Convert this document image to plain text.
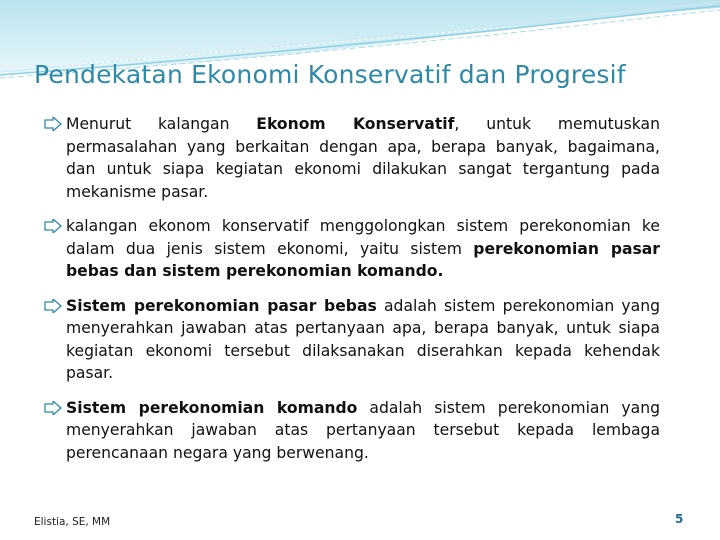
Pendekatan Ekonomi Konservatif dan Progresif
Menurut kalangan Ekonom Konservatif, untuk memutuskan permasalahan yang berkaitan dengan apa, berapa banyak, bagaimana, dan untuk siapa kegiatan ekonomi dilakukan sangat tergantung pada mekanisme pasar.
kalangan ekonom konservatif menggolongkan sistem perekonomian ke dalam dua jenis sistem ekonomi, yaitu sistem perekonomian pasar bebas dan sistem perekonomian komando.
Sistem perekonomian pasar bebas adalah sistem perekonomian yang menyerahkan jawaban atas pertanyaan apa, berapa banyak, untuk siapa kegiatan ekonomi tersebut dilaksanakan diserahkan kepada kehendak pasar.
Sistem perekonomian komando adalah sistem perekonomian yang menyerahkan jawaban atas pertanyaan tersebut kepada lembaga perencanaan negara yang berwenang.
Elistia, SE, MM	5
